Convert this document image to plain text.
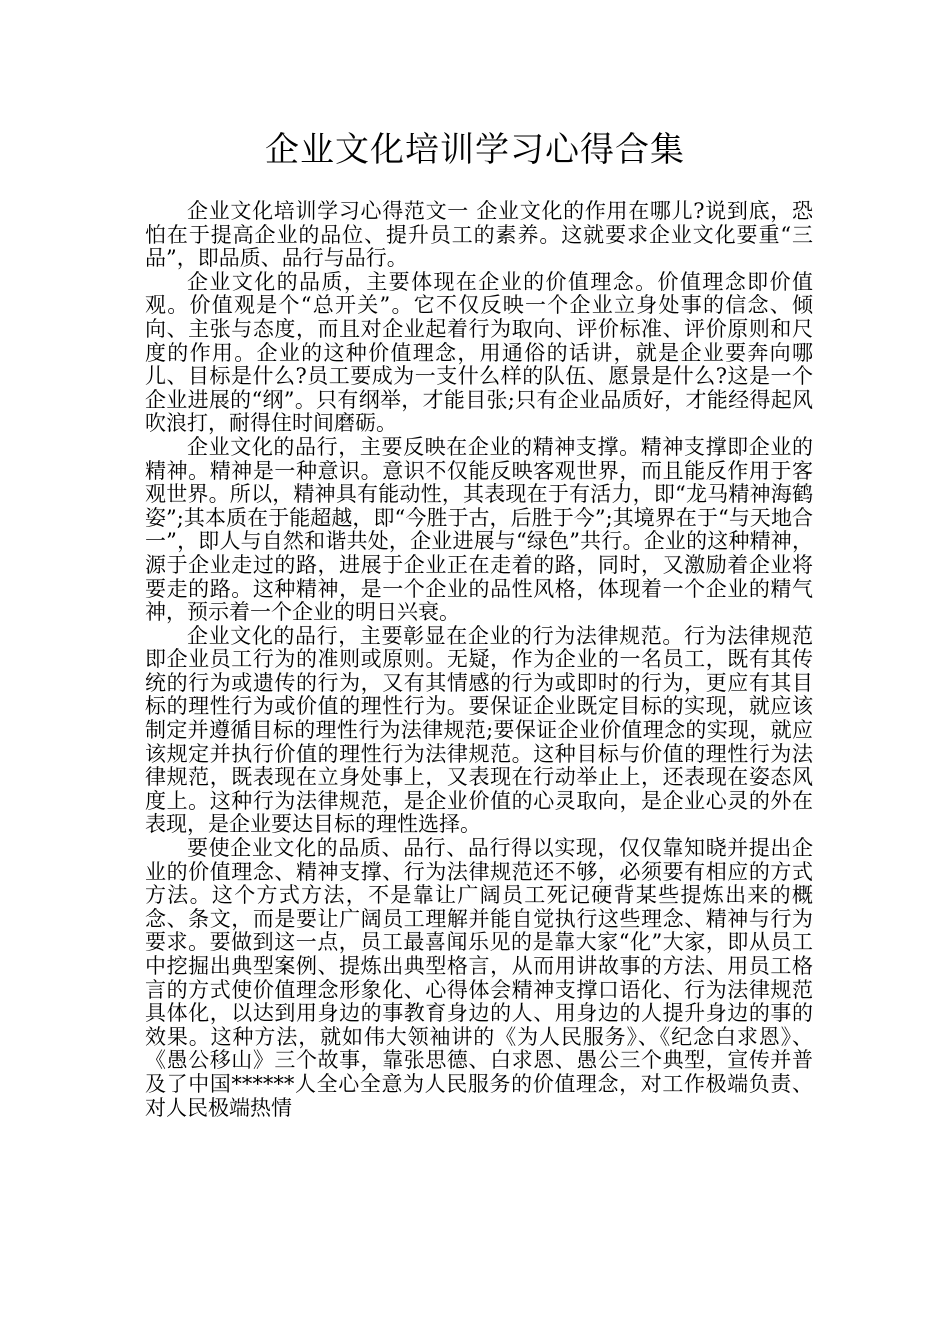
企业文化培训学习心得合集

企业文化培训学习心得范文一 企业文化的作用在哪儿?说到底，恐怕在于提高企业的品位、提升员工的素养。这就要求企业文化要重“三品”，即品质、品行与品行。

企业文化的品质，主要体现在企业的价值理念。价值理念即价值观。价值观是个“总开关”。它不仅反映一个企业立身处事的信念、倾向、主张与态度，而且对企业起着行为取向、评价标准、评价原则和尺度的作用。企业的这种价值理念，用通俗的话讲，就是企业要奔向哪儿、目标是什么?员工要成为一支什么样的队伍、愿景是什么?这是一个企业进展的“纲”。只有纲举，才能目张;只有企业品质好，才能经得起风吹浪打，耐得住时间磨砺。

企业文化的品行，主要反映在企业的精神支撑。精神支撑即企业的精神。精神是一种意识。意识不仅能反映客观世界，而且能反作用于客观世界。所以，精神具有能动性，其表现在于有活力，即“龙马精神海鹤姿”;其本质在于能超越，即“今胜于古，后胜于今”;其境界在于“与天地合一”，即人与自然和谐共处，企业进展与“绿色”共行。企业的这种精神，源于企业走过的路，进展于企业正在走着的路，同时，又激励着企业将要走的路。这种精神，是一个企业的品性风格，体现着一个企业的精气神，预示着一个企业的明日兴衰。

企业文化的品行，主要彰显在企业的行为法律规范。行为法律规范即企业员工行为的准则或原则。无疑，作为企业的一名员工，既有其传统的行为或遗传的行为，又有其情感的行为或即时的行为，更应有其目标的理性行为或价值的理性行为。要保证企业既定目标的实现，就应该制定并遵循目标的理性行为法律规范;要保证企业价值理念的实现，就应该规定并执行价值的理性行为法律规范。这种目标与价值的理性行为法律规范，既表现在立身处事上，又表现在行动举止上，还表现在姿态风度上。这种行为法律规范，是企业价值的心灵取向，是企业心灵的外在表现，是企业要达目标的理性选择。

要使企业文化的品质、品行、品行得以实现，仅仅靠知晓并提出企业的价值理念、精神支撑、行为法律规范还不够，必须要有相应的方式方法。这个方式方法，不是靠让广阔员工死记硬背某些提炼出来的概念、条文，而是要让广阔员工理解并能自觉执行这些理念、精神与行为要求。要做到这一点，员工最喜闻乐见的是靠大家“化”大家，即从员工中挖掘出典型案例、提炼出典型格言，从而用讲故事的方法、用员工格言的方式使价值理念形象化、心得体会精神支撑口语化、行为法律规范具体化，以达到用身边的事教育身边的人、用身边的人提升身边的事的效果。这种方法，就如伟大领袖讲的《为人民服务》、《纪念白求恩》、《愚公移山》三个故事，靠张思德、白求恩、愚公三个典型，宣传并普及了中国******人全心全意为人民服务的价值理念，对工作极端负责、对人民极端热情
